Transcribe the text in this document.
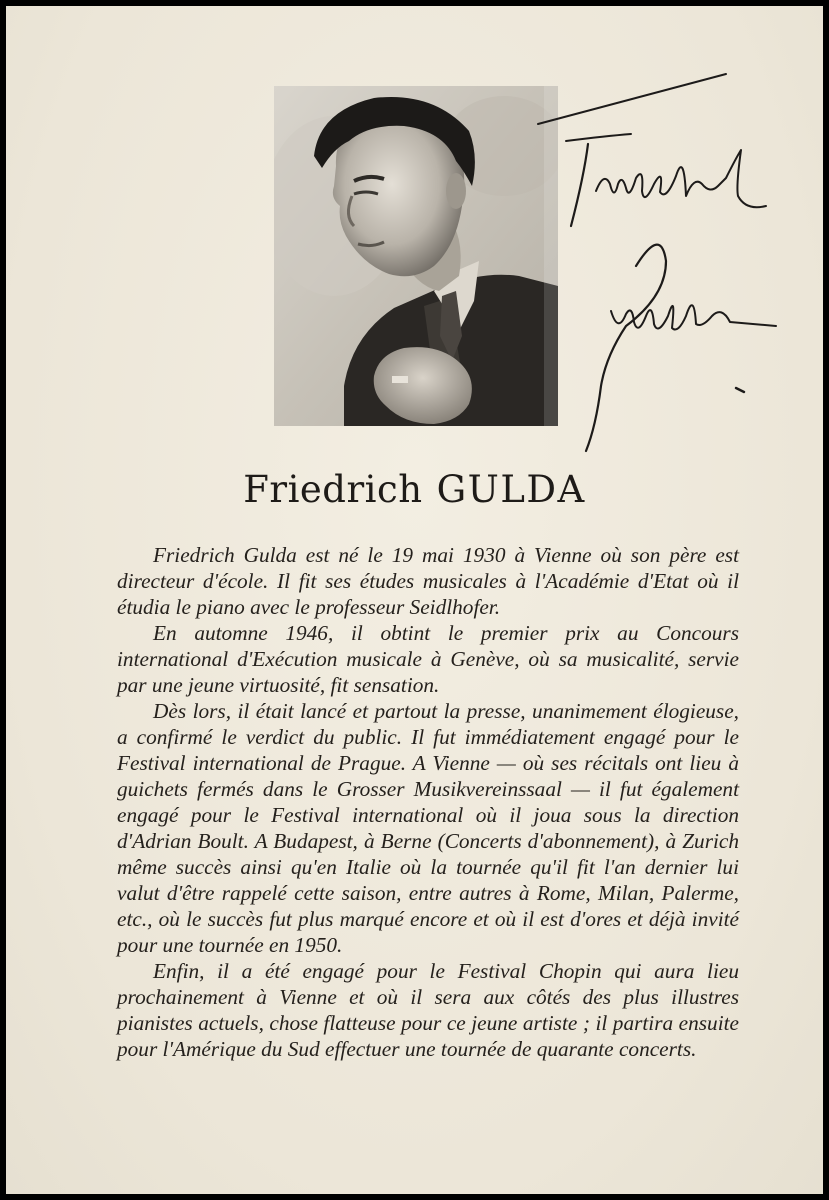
Friedrich GULDA

Friedrich Gulda est né le 19 mai 1930 à Vienne où son père est directeur d'école. Il fit ses études musicales à l'Académie d'Etat où il étudia le piano avec le professeur Seidlhofer.

En automne 1946, il obtint le premier prix au Concours international d'Exécution musicale à Genève, où sa musicalité, servie par une jeune virtuosité, fit sensation.

Dès lors, il était lancé et partout la presse, unanimement élogieuse, a confirmé le verdict du public. Il fut immédiatement engagé pour le Festival international de Prague. A Vienne — où ses récitals ont lieu à guichets fermés dans le Grosser Musikvereinssaal — il fut également engagé pour le Festival international où il joua sous la direction d'Adrian Boult. A Budapest, à Berne (Concerts d'abonnement), à Zurich même succès ainsi qu'en Italie où la tournée qu'il fit l'an dernier lui valut d'être rappelé cette saison, entre autres à Rome, Milan, Palerme, etc., où le succès fut plus marqué encore et où il est d'ores et déjà invité pour une tournée en 1950.

Enfin, il a été engagé pour le Festival Chopin qui aura lieu prochainement à Vienne et où il sera aux côtés des plus illustres pianistes actuels, chose flatteuse pour ce jeune artiste ; il partira ensuite pour l'Amérique du Sud effectuer une tournée de quarante concerts.
